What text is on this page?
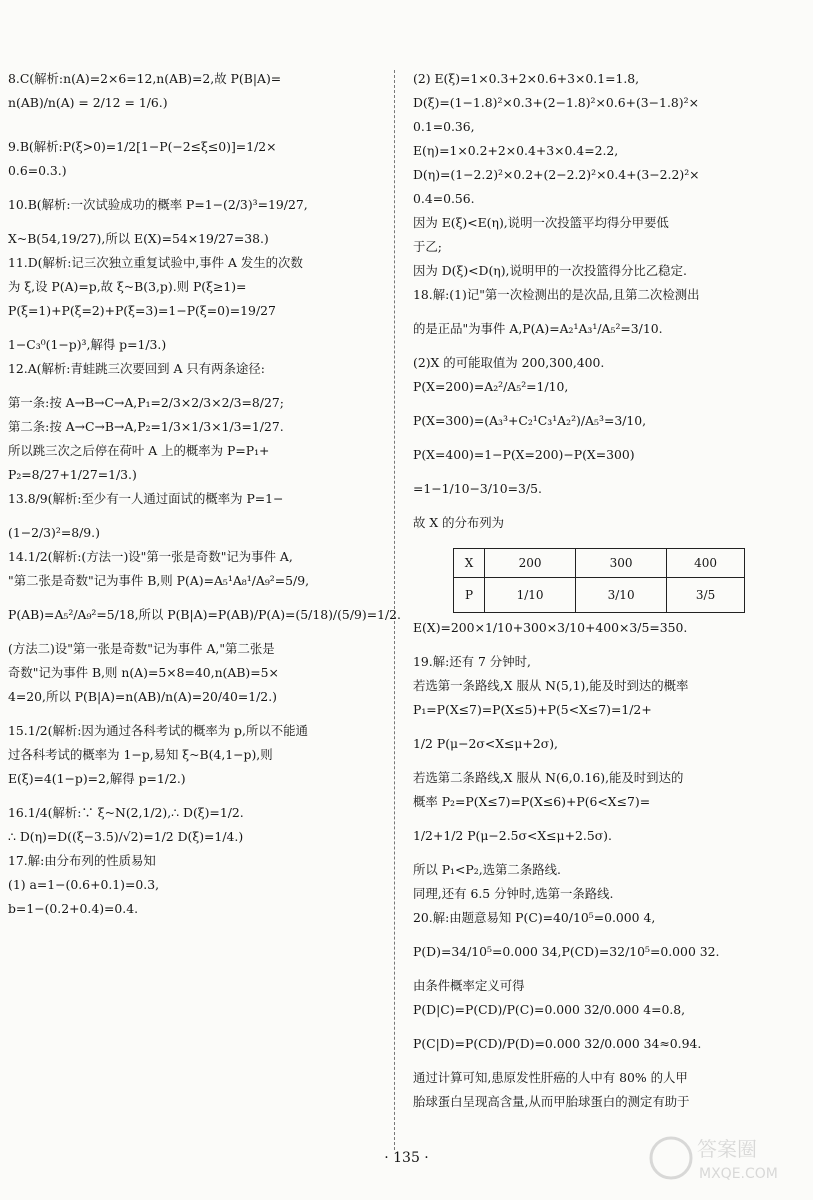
8.C(解析:n(A)=2×6=12,n(AB)=2,故 P(B|A)=
n(AB)/n(A) = 2/12 = 1/6.)
9.B(解析:P(ξ>0)=1/2[1−P(−2≤ξ≤0)]=1/2×
0.6=0.3.)
10.B(解析:一次试验成功的概率 P=1−(2/3)³=19/27,
X~B(54,19/27),所以 E(X)=54×19/27=38.)
11.D(解析:记三次独立重复试验中,事件 A 发生的次数
为 ξ,设 P(A)=p,故 ξ~B(3,p).则 P(ξ≥1)=
P(ξ=1)+P(ξ=2)+P(ξ=3)=1−P(ξ=0)=19/27
1−C₃⁰(1−p)³,解得 p=1/3.)
12.A(解析:青蛙跳三次要回到 A 只有两条途径:
第一条:按 A→B→C→A,P₁=2/3×2/3×2/3=8/27;
第二条:按 A→C→B→A,P₂=1/3×1/3×1/3=1/27.
所以跳三次之后停在荷叶 A 上的概率为 P=P₁+
P₂=8/27+1/27=1/3.)
13.8/9(解析:至少有一人通过面试的概率为 P=1−
(1−2/3)²=8/9.)
14.1/2(解析:(方法一)设"第一张是奇数"记为事件 A,
"第二张是奇数"记为事件 B,则 P(A)=A₅¹A₈¹/A₉²=5/9,
P(AB)=A₅²/A₉²=5/18,所以 P(B|A)=P(AB)/P(A)=(5/18)/(5/9)=1/2.
(方法二)设"第一张是奇数"记为事件 A,"第二张是
奇数"记为事件 B,则 n(A)=5×8=40,n(AB)=5×
4=20,所以 P(B|A)=n(AB)/n(A)=20/40=1/2.)
15.1/2(解析:因为通过各科考试的概率为 p,所以不能通
过各科考试的概率为 1−p,易知 ξ~B(4,1−p),则
E(ξ)=4(1−p)=2,解得 p=1/2.)
16.1/4(解析:∵ ξ~N(2,1/2),∴ D(ξ)=1/2.
∴ D(η)=D((ξ−3.5)/√2)=1/2 D(ξ)=1/4.)
17.解:由分布列的性质易知
(1) a=1−(0.6+0.1)=0.3,
b=1−(0.2+0.4)=0.4.
(2) E(ξ)=1×0.3+2×0.6+3×0.1=1.8,
D(ξ)=(1−1.8)²×0.3+(2−1.8)²×0.6+(3−1.8)²×
0.1=0.36,
E(η)=1×0.2+2×0.4+3×0.4=2.2,
D(η)=(1−2.2)²×0.2+(2−2.2)²×0.4+(3−2.2)²×
0.4=0.56.
因为 E(ξ)<E(η),说明一次投篮平均得分甲要低
于乙;
因为 D(ξ)<D(η),说明甲的一次投篮得分比乙稳定.
18.解:(1)记"第一次检测出的是次品,且第二次检测出
的是正品"为事件 A,P(A)=A₂¹A₃¹/A₅²=3/10.
(2)X 的可能取值为 200,300,400.
P(X=200)=A₂²/A₅²=1/10,
P(X=300)=(A₃³+C₂¹C₃¹A₂²)/A₅³=3/10,
P(X=400)=1−P(X=200)−P(X=300)
=1−1/10−3/10=3/5.
故 X 的分布列为
X	200	300	400
P	1/10	3/10	3/5
E(X)=200×1/10+300×3/10+400×3/5=350.
19.解:还有 7 分钟时,
若选第一条路线,X 服从 N(5,1),能及时到达的概率
P₁=P(X≤7)=P(X≤5)+P(5<X≤7)=1/2+
1/2 P(μ−2σ<X≤μ+2σ),
若选第二条路线,X 服从 N(6,0.16),能及时到达的
概率 P₂=P(X≤7)=P(X≤6)+P(6<X≤7)=
1/2+1/2 P(μ−2.5σ<X≤μ+2.5σ).
所以 P₁<P₂,选第二条路线.
同理,还有 6.5 分钟时,选第一条路线.
20.解:由题意易知 P(C)=40/10⁵=0.000 4,
P(D)=34/10⁵=0.000 34,P(CD)=32/10⁵=0.000 32.
由条件概率定义可得
P(D|C)=P(CD)/P(C)=0.000 32/0.000 4=0.8,
P(C|D)=P(CD)/P(D)=0.000 32/0.000 34≈0.94.
通过计算可知,患原发性肝癌的人中有 80% 的人甲
胎球蛋白呈现高含量,从而甲胎球蛋白的测定有助于
· 135 ·	答案圈
MXQE.COM
